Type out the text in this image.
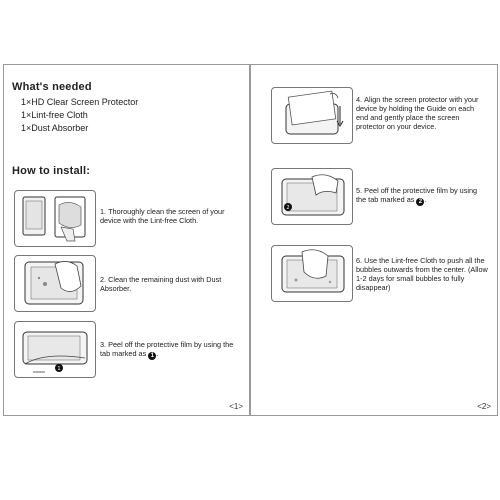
What's needed
1×HD Clear Screen Protector
1×Lint-free Cloth
1×Dust Absorber
How to install:
1. Thoroughly clean the screen of your device with the Lint-free Cloth.
2. Clean the remaining dust with Dust Absorber.
1
3. Peel off the protective film by using the tab marked as 1 .
<1>
4. Align the screen protector with your device by holding the Guide on each end and gently place the screen protector on your device.
2
5. Peel off the protective film by using the tab marked as 2 .
6. Use the Lint-free Cloth to push all the bubbles outwards from the center. (Allow 1-2 days for small bubbles to fully disappear)
<2>
